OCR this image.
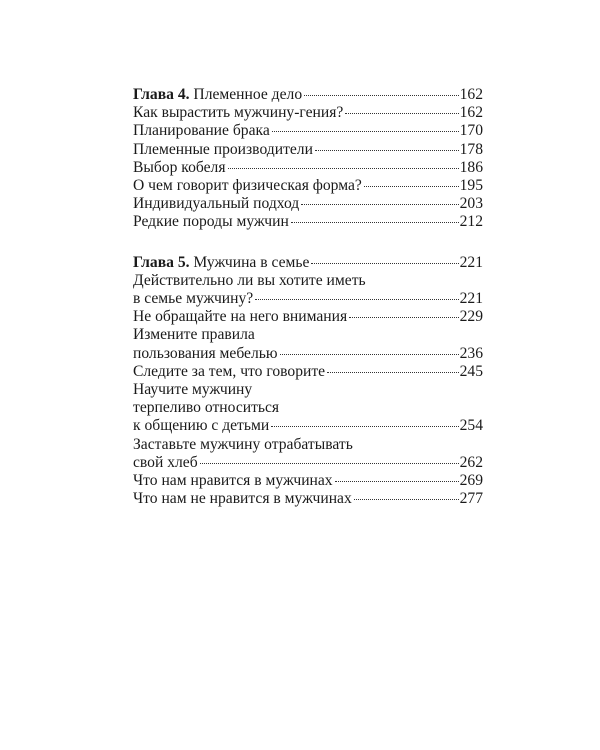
Глава 4. Племенное дело	162
Как вырастить мужчину-гения?	162
Планирование брака	170
Племенные производители	178
Выбор кобеля	186
О чем говорит физическая форма?	195
Индивидуальный подход	203
Редкие породы мужчин	212
Глава 5. Мужчина в семье	221
Действительно ли вы хотите иметь
в семье мужчину?	221
Не обращайте на него внимания	229
Измените правила
пользования мебелью	236
Следите за тем, что говорите	245
Научите мужчину
терпеливо относиться
к общению с детьми	254
Заставьте мужчину отрабатывать
свой хлеб	262
Что нам нравится в мужчинах	269
Что нам не нравится в мужчинах	277
